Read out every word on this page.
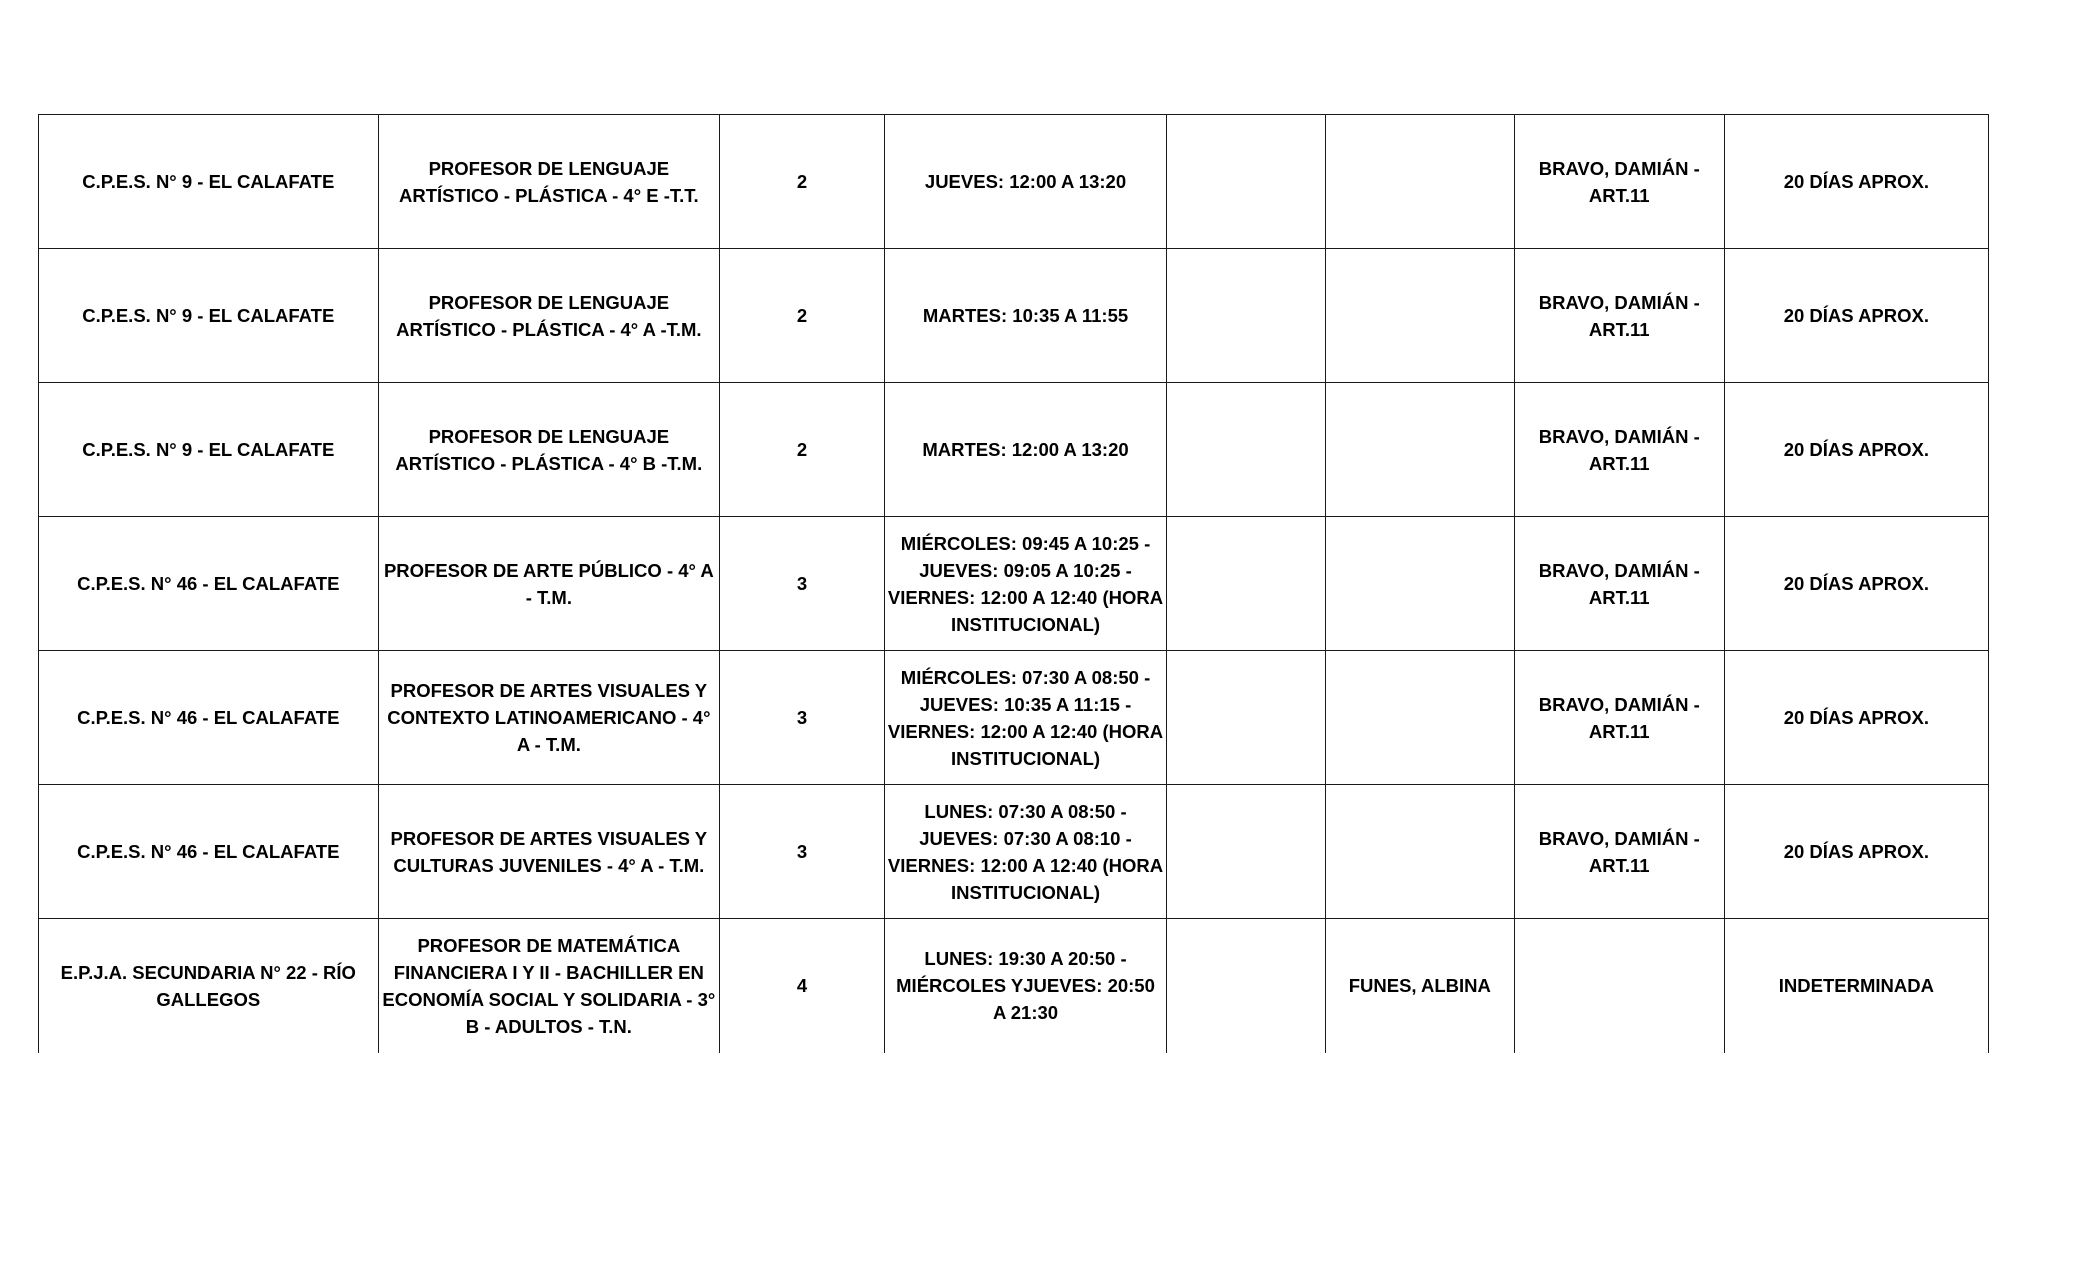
C.P.E.S. N° 9 - EL CALAFATE	PROFESOR DE LENGUAJE ARTÍSTICO - PLÁSTICA - 4° E -T.T.	2	JUEVES: 12:00 A 13:20			BRAVO, DAMIÁN - ART.11	20 DÍAS APROX.
C.P.E.S. N° 9 - EL CALAFATE	PROFESOR DE LENGUAJE ARTÍSTICO - PLÁSTICA - 4° A -T.M.	2	MARTES: 10:35 A 11:55			BRAVO, DAMIÁN - ART.11	20 DÍAS APROX.
C.P.E.S. N° 9 - EL CALAFATE	PROFESOR DE LENGUAJE ARTÍSTICO - PLÁSTICA - 4° B -T.M.	2	MARTES: 12:00 A 13:20			BRAVO, DAMIÁN - ART.11	20 DÍAS APROX.
C.P.E.S. N° 46 - EL CALAFATE	PROFESOR DE ARTE PÚBLICO - 4° A - T.M.	3	MIÉRCOLES: 09:45 A 10:25 - JUEVES: 09:05 A 10:25 - VIERNES: 12:00 A 12:40 (HORA INSTITUCIONAL)			BRAVO, DAMIÁN - ART.11	20 DÍAS APROX.
C.P.E.S. N° 46 - EL CALAFATE	PROFESOR DE ARTES VISUALES Y CONTEXTO LATINOAMERICANO - 4° A - T.M.	3	MIÉRCOLES: 07:30 A 08:50 - JUEVES: 10:35 A 11:15 - VIERNES: 12:00 A 12:40 (HORA INSTITUCIONAL)			BRAVO, DAMIÁN - ART.11	20 DÍAS APROX.
C.P.E.S. N° 46 - EL CALAFATE	PROFESOR DE ARTES VISUALES Y CULTURAS JUVENILES - 4° A - T.M.	3	LUNES: 07:30 A 08:50 - JUEVES: 07:30 A 08:10 - VIERNES: 12:00 A 12:40 (HORA INSTITUCIONAL)			BRAVO, DAMIÁN - ART.11	20 DÍAS APROX.
E.P.J.A. SECUNDARIA N° 22 - RÍO GALLEGOS	PROFESOR DE MATEMÁTICA FINANCIERA I Y II - BACHILLER EN ECONOMÍA SOCIAL Y SOLIDARIA - 3° B - ADULTOS - T.N.	4	LUNES: 19:30 A 20:50 - MIÉRCOLES YJUEVES: 20:50 A 21:30		FUNES, ALBINA		INDETERMINADA
